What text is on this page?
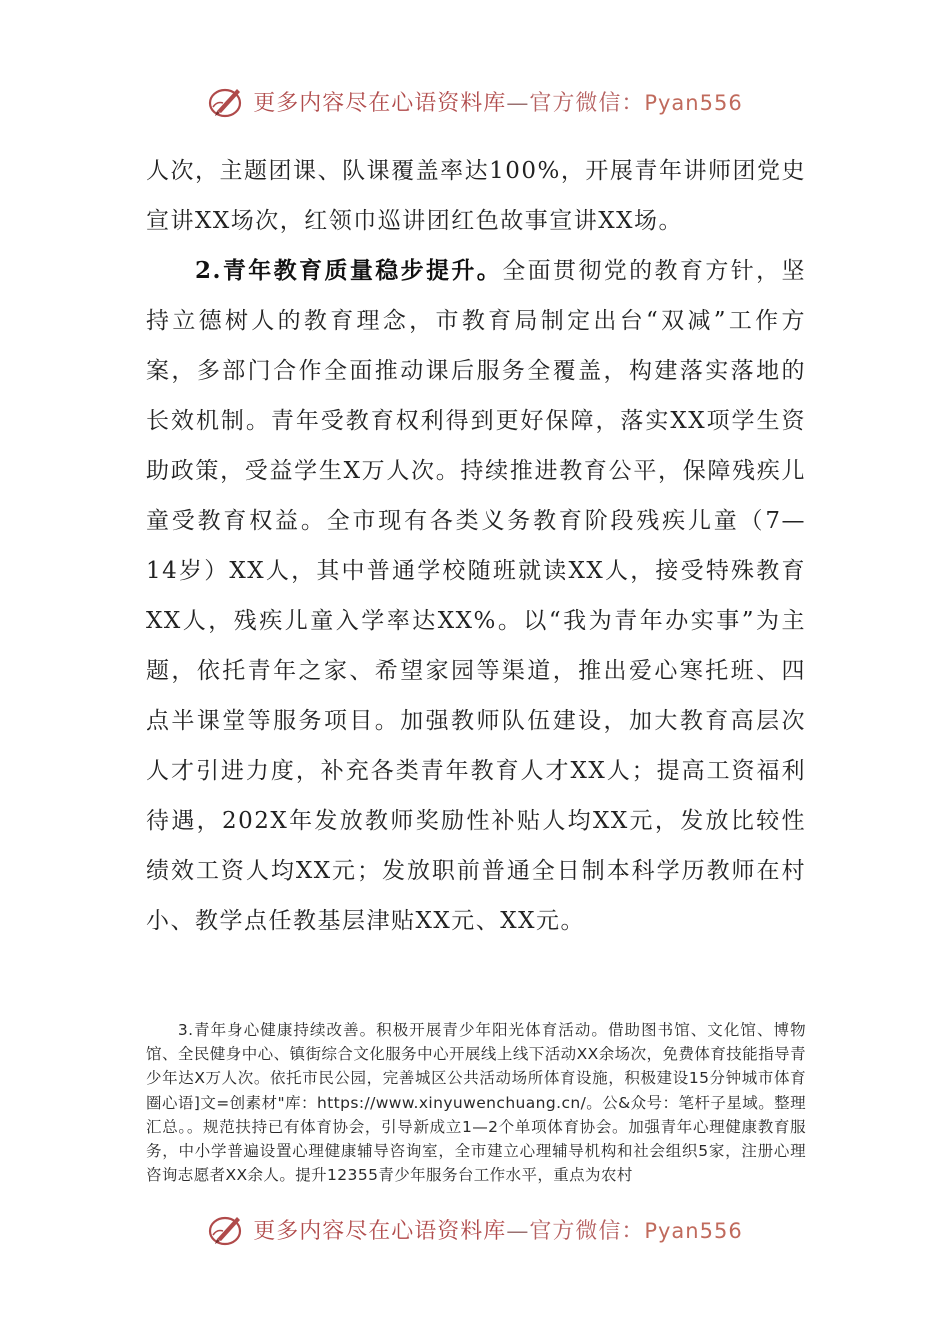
更多内容尽在心语资料库—官方微信：Pyan556

人次，主题团课、队课覆盖率达100%，开展青年讲师团党史宣讲XX场次，红领巾巡讲团红色故事宣讲XX场。

  2.青年教育质量稳步提升。全面贯彻党的教育方针，坚持立德树人的教育理念，市教育局制定出台“双减”工作方案，多部门合作全面推动课后服务全覆盖，构建落实落地的长效机制。青年受教育权利得到更好保障，落实XX项学生资助政策，受益学生X万人次。持续推进教育公平，保障残疾儿童受教育权益。全市现有各类义务教育阶段残疾儿童（7—14岁）XX人，其中普通学校随班就读XX人，接受特殊教育XX人，残疾儿童入学率达XX%。以“我为青年办实事”为主题，依托青年之家、希望家园等渠道，推出爱心寒托班、四点半课堂等服务项目。加强教师队伍建设，加大教育高层次人才引进力度，补充各类青年教育人才XX人；提高工资福利待遇，202X年发放教师奖励性补贴人均XX元，发放比较性绩效工资人均XX元；发放职前普通全日制本科学历教师在村小、教学点任教基层津贴XX元、XX元。

  3.青年身心健康持续改善。积极开展青少年阳光体育活动。借助图书馆、文化馆、博物馆、全民健身中心、镇街综合文化服务中心开展线上线下活动XX余场次，免费体育技能指导青少年达X万人次。依托市民公园，完善城区公共活动场所体育设施，积极建设15分钟城市体育圈心语]文=创素材"库：https://www.xinyuwenchuang.cn/。公&众号：笔杆子星域。整理汇总。。规范扶持已有体育协会，引导新成立1—2个单项体育协会。加强青年心理健康教育服务，中小学普遍设置心理健康辅导咨询室，全市建立心理辅导机构和社会组织5家，注册心理咨询志愿者XX余人。提升12355青少年服务台工作水平，重点为农村

更多内容尽在心语资料库—官方微信：Pyan556
